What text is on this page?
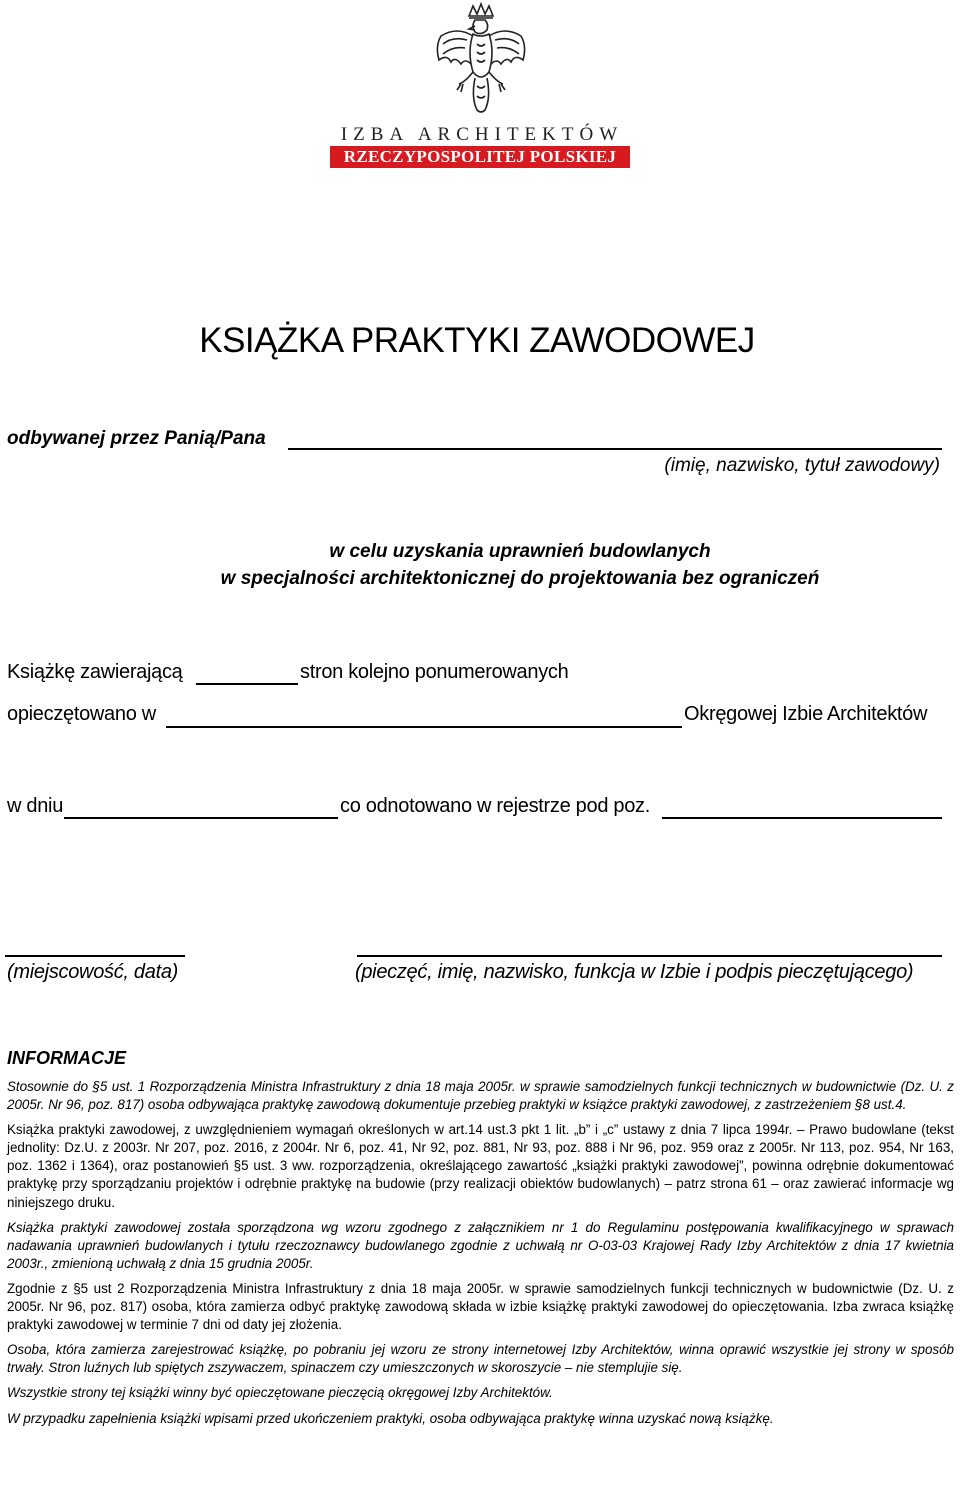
IZBA ARCHITEKTÓW
RZECZYPOSPOLITEJ POLSKIEJ
KSIĄŻKA PRAKTYKI ZAWODOWEJ
odbywanej przez Panią/Pana
(imię, nazwisko, tytuł zawodowy)
w celu uzyskania uprawnień budowlanych
w specjalności architektonicznej do projektowania bez ograniczeń
Książkę zawierającą	stron kolejno ponumerowanych
opieczętowano w	Okręgowej Izbie Architektów
w dniu	co odnotowano w rejestrze pod poz.
(miejscowość, data)	(pieczęć, imię, nazwisko, funkcja w Izbie i podpis pieczętującego)
INFORMACJE

Stosownie do §5 ust. 1 Rozporządzenia Ministra Infrastruktury z dnia 18 maja 2005r. w sprawie samodzielnych funkcji technicznych w budownictwie (Dz. U. z 2005r. Nr 96, poz. 817) osoba odbywająca praktykę zawodową dokumentuje przebieg praktyki w książce praktyki zawodowej, z zastrzeżeniem §8 ust.4.

Książka praktyki zawodowej, z uwzględnieniem wymagań określonych w art.14 ust.3 pkt 1 lit. „b” i „c” ustawy z dnia 7 lipca 1994r. – Prawo budowlane (tekst jednolity: Dz.U. z 2003r. Nr 207, poz. 2016, z 2004r. Nr 6, poz. 41, Nr 92, poz. 881, Nr 93, poz. 888 i Nr 96, poz. 959 oraz z 2005r. Nr 113, poz. 954, Nr 163, poz. 1362 i 1364), oraz postanowień §5 ust. 3 ww. rozporządzenia, określającego zawartość „książki praktyki zawodowej”, powinna odrębnie dokumentować praktykę przy sporządzaniu projektów i odrębnie praktykę na budowie (przy realizacji obiektów budowlanych) – patrz strona 61 – oraz zawierać informacje wg niniejszego druku.

Książka praktyki zawodowej została sporządzona wg wzoru zgodnego z załącznikiem nr 1 do Regulaminu postępowania kwalifikacyjnego w sprawach nadawania uprawnień budowlanych i tytułu rzeczoznawcy budowlanego zgodnie z uchwałą nr O-03-03 Krajowej Rady Izby Architektów z dnia 17 kwietnia 2003r., zmienioną uchwałą z dnia 15 grudnia 2005r.

Zgodnie z §5 ust 2 Rozporządzenia Ministra Infrastruktury z dnia 18 maja 2005r. w sprawie samodzielnych funkcji technicznych w budownictwie (Dz. U. z 2005r. Nr 96, poz. 817) osoba, która zamierza odbyć praktykę zawodową składa w izbie książkę praktyki zawodowej do opieczętowania. Izba zwraca książkę praktyki zawodowej w terminie 7 dni od daty jej złożenia.

Osoba, która zamierza zarejestrować książkę, po pobraniu jej wzoru ze strony internetowej Izby Architektów, winna oprawić wszystkie jej strony w sposób trwały. Stron luźnych lub spiętych zszywaczem, spinaczem czy umieszczonych w skoroszycie – nie stemplujie się.

Wszystkie strony tej książki winny być opieczętowane pieczęcią okręgowej Izby Architektów.

W przypadku zapełnienia książki wpisami przed ukończeniem praktyki, osoba odbywająca praktykę winna uzyskać nową książkę.
